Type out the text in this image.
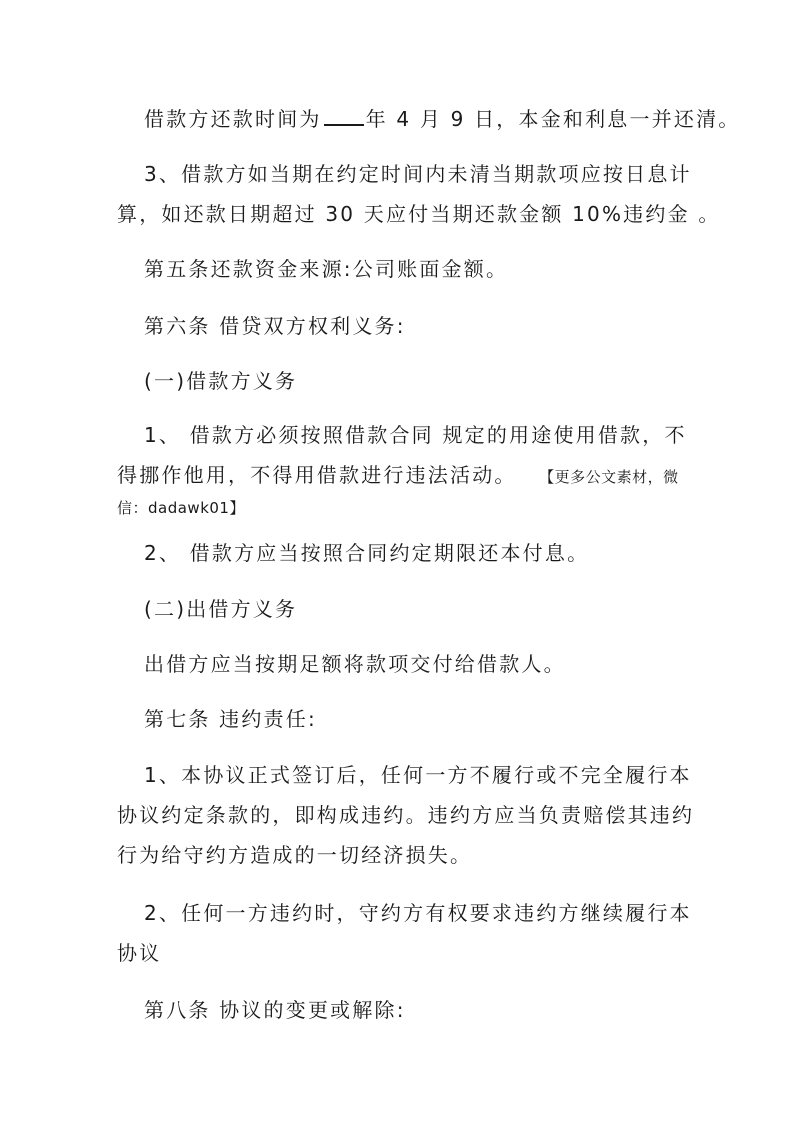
借款方还款时间为 年 4 月 9 日，本金和利息一并还清。
3、借款方如当期在约定时间内未清当期款项应按日息计
算，如还款日期超过 30 天应付当期还款金额 10%违约金 。
第五条还款资金来源:公司账面金额。
第六条 借贷双方权利义务:
(一)借款方义务
1、 借款方必须按照借款合同 规定的用途使用借款，不
得挪作他用，不得用借款进行违法活动。 【更多公文素材，微
信：dadawk01】
2、 借款方应当按照合同约定期限还本付息。
(二)出借方义务
出借方应当按期足额将款项交付给借款人。
第七条 违约责任:
1、本协议正式签订后，任何一方不履行或不完全履行本
协议约定条款的，即构成违约。违约方应当负责赔偿其违约
行为给守约方造成的一切经济损失。
2、任何一方违约时，守约方有权要求违约方继续履行本
协议
第八条 协议的变更或解除:
